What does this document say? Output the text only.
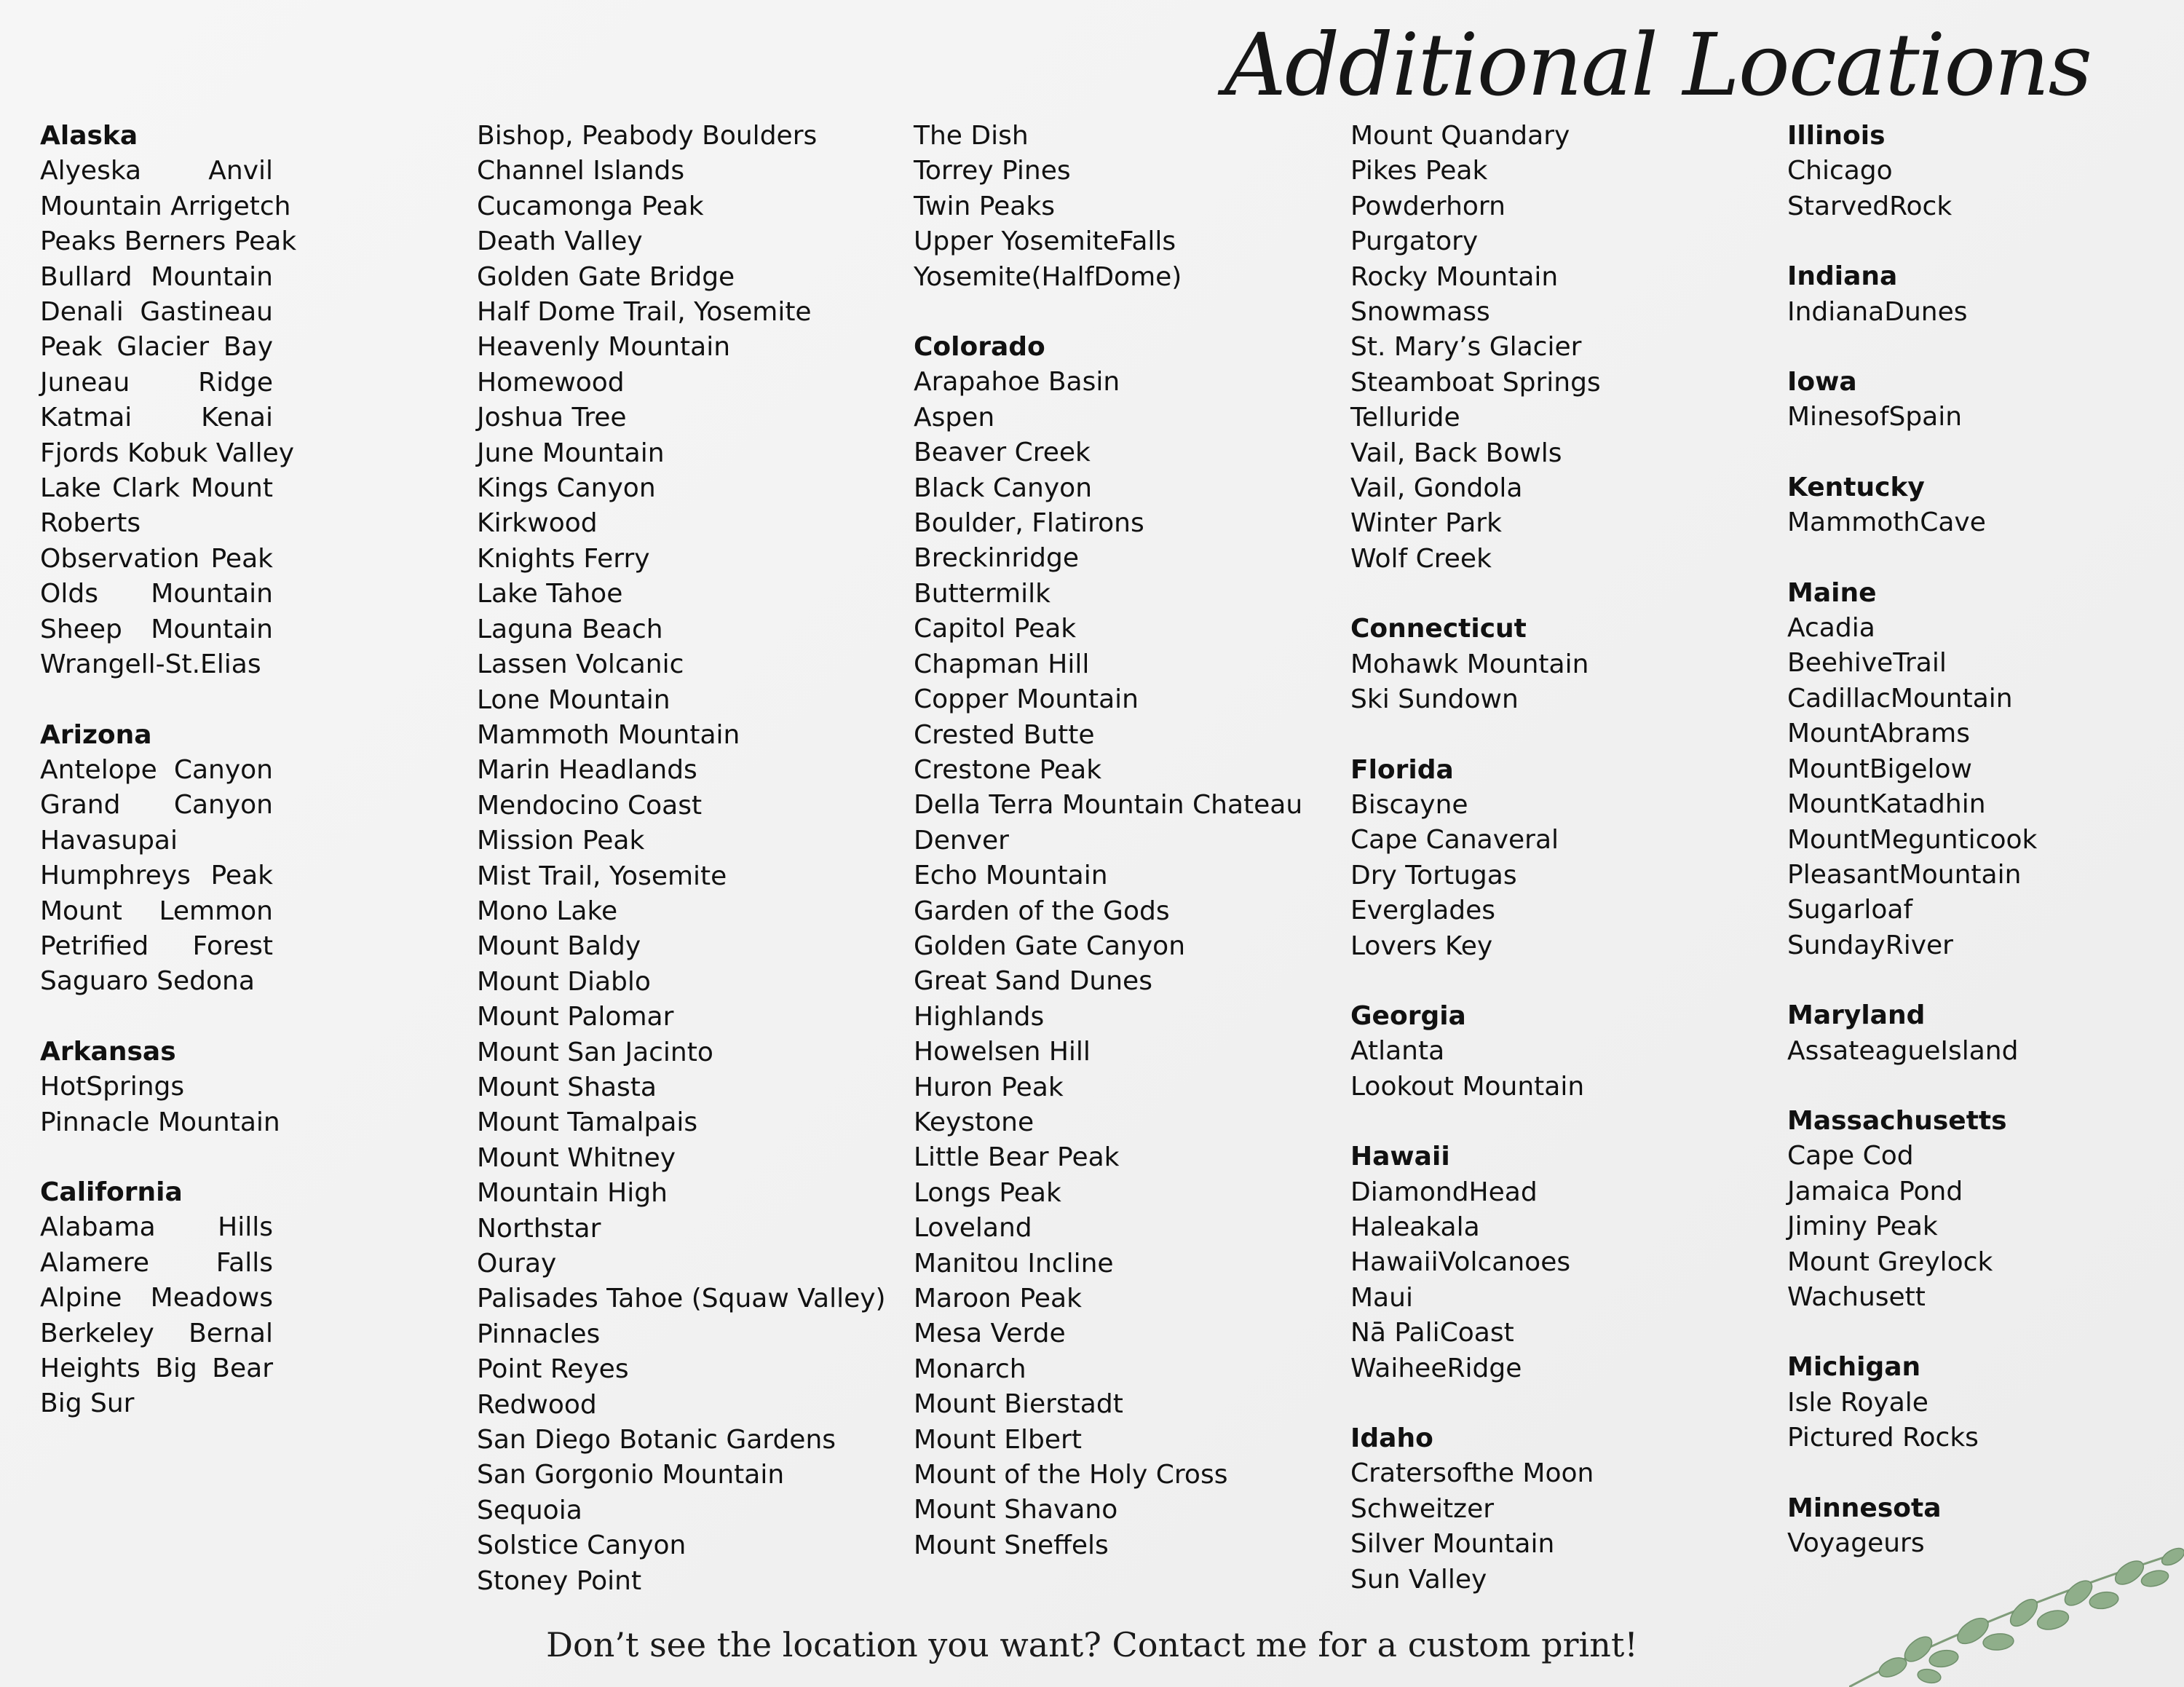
Additional Locations
Alaska
Alyeska Anvil
Mountain Arrigetch
Peaks Berners Peak
Bullard Mountain
Denali Gastineau
Peak Glacier Bay
Juneau Ridge
Katmai Kenai
Fjords Kobuk Valley
Lake Clark Mount
Roberts
Observation Peak
Olds Mountain
Sheep Mountain
Wrangell-St.Elias
Arizona
Antelope Canyon
Grand Canyon
Havasupai
Humphreys Peak
Mount Lemmon
Petrified Forest
Saguaro Sedona
Arkansas
HotSprings
Pinnacle Mountain
California
Alabama Hills
Alamere Falls
Alpine Meadows
Berkeley Bernal
Heights Big Bear
Big Sur
Bishop, Peabody Boulders
Channel Islands
Cucamonga Peak
Death Valley
Golden Gate Bridge
Half Dome Trail, Yosemite
Heavenly Mountain
Homewood
Joshua Tree
June Mountain
Kings Canyon
Kirkwood
Knights Ferry
Lake Tahoe
Laguna Beach
Lassen Volcanic
Lone Mountain
Mammoth Mountain
Marin Headlands
Mendocino Coast
Mission Peak
Mist Trail, Yosemite
Mono Lake
Mount Baldy
Mount Diablo
Mount Palomar
Mount San Jacinto
Mount Shasta
Mount Tamalpais
Mount Whitney
Mountain High
Northstar
Ouray
Palisades Tahoe (Squaw Valley)
Pinnacles
Point Reyes
Redwood
San Diego Botanic Gardens
San Gorgonio Mountain
Sequoia
Solstice Canyon
Stoney Point
The Dish
Torrey Pines
Twin Peaks
Upper YosemiteFalls
Yosemite(HalfDome)
Colorado
Arapahoe Basin
Aspen
Beaver Creek
Black Canyon
Boulder, Flatirons
Breckinridge
Buttermilk
Capitol Peak
Chapman Hill
Copper Mountain
Crested Butte
Crestone Peak
Della Terra Mountain Chateau
Denver
Echo Mountain
Garden of the Gods
Golden Gate Canyon
Great Sand Dunes
Highlands
Howelsen Hill
Huron Peak
Keystone
Little Bear Peak
Longs Peak
Loveland
Manitou Incline
Maroon Peak
Mesa Verde
Monarch
Mount Bierstadt
Mount Elbert
Mount of the Holy Cross
Mount Shavano
Mount Sneffels
Mount Quandary
Pikes Peak
Powderhorn
Purgatory
Rocky Mountain
Snowmass
St. Mary’s Glacier
Steamboat Springs
Telluride
Vail, Back Bowls
Vail, Gondola
Winter Park
Wolf Creek
Connecticut
Mohawk Mountain
Ski Sundown
Florida
Biscayne
Cape Canaveral
Dry Tortugas
Everglades
Lovers Key
Georgia
Atlanta
Lookout Mountain
Hawaii
DiamondHead
Haleakala
HawaiiVolcanoes
Maui
Nā PaliCoast
WaiheeRidge
Idaho
Cratersofthe Moon
Schweitzer
Silver Mountain
Sun Valley
Illinois
Chicago
StarvedRock
Indiana
IndianaDunes
Iowa
MinesofSpain
Kentucky
MammothCave
Maine
Acadia
BeehiveTrail
CadillacMountain
MountAbrams
MountBigelow
MountKatadhin
MountMegunticook
PleasantMountain
Sugarloaf
SundayRiver
Maryland
AssateagueIsland
Massachusetts
Cape Cod
Jamaica Pond
Jiminy Peak
Mount Greylock
Wachusett
Michigan
Isle Royale
Pictured Rocks
Minnesota
Voyageurs
Don’t see the location you want? Contact me for a custom print!
